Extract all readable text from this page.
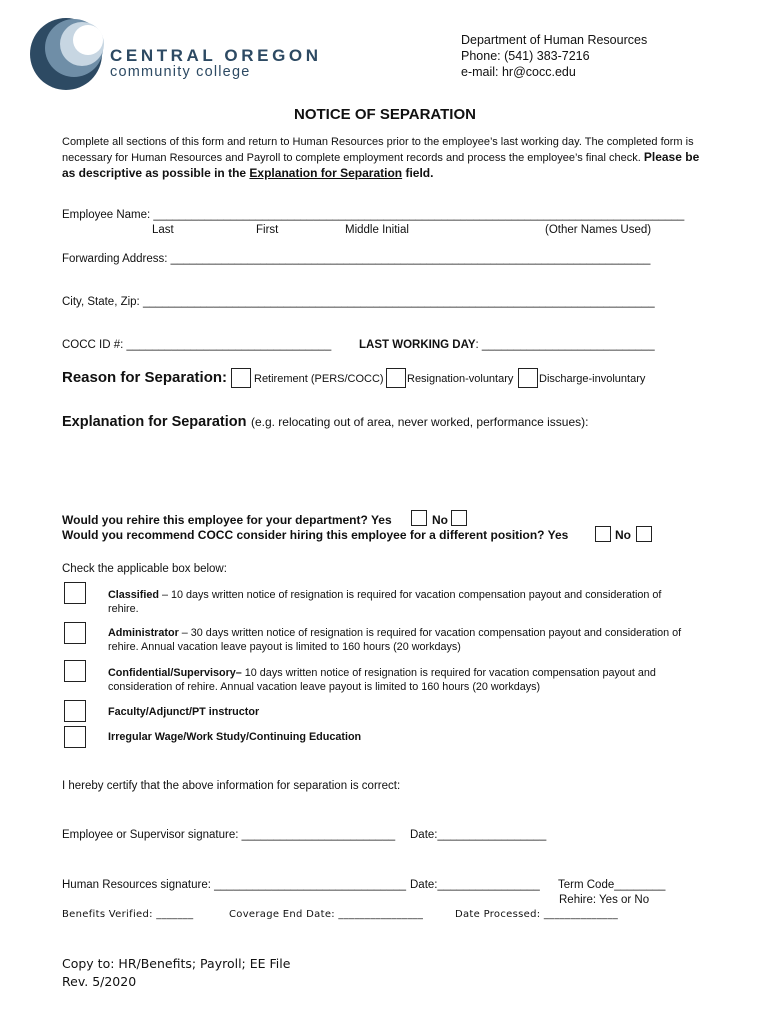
CENTRAL OREGON
community college
Department of Human Resources
Phone: (541) 383-7216
e-mail: hr@cocc.edu
NOTICE OF SEPARATION
Complete all sections of this form and return to Human Resources prior to the employee’s last working day. The completed form is necessary for Human Resources and Payroll to complete employment records and process the employee’s final check. Please be as descriptive as possible in the Explanation for Separation field.
Employee Name: ___________________________________________________________________________________
Last	First	Middle Initial	(Other Names Used)
Forwarding Address: ___________________________________________________________________________
City, State, Zip: ________________________________________________________________________________
COCC ID #: ________________________________ LAST WORKING DAY: ___________________________
Reason for Separation: Retirement (PERS/COCC) Resignation-voluntary Discharge-involuntary
Explanation for Separation (e.g. relocating out of area, never worked, performance issues):
Would you rehire this employee for your department? Yes	No
Would you recommend COCC consider hiring this employee for a different position? Yes	No
Check the applicable box below:
Classified – 10 days written notice of resignation is required for vacation compensation payout and consideration of rehire.
Administrator – 30 days written notice of resignation is required for vacation compensation payout and consideration of rehire. Annual vacation leave payout is limited to 160 hours (20 workdays)
Confidential/Supervisory– 10 days written notice of resignation is required for vacation compensation payout and consideration of rehire. Annual vacation leave payout is limited to 160 hours (20 workdays)
Faculty/Adjunct/PT instructor
Irregular Wage/Work Study/Continuing Education
I hereby certify that the above information for separation is correct:
Employee or Supervisor signature: ________________________ Date:_________________
Human Resources signature: ______________________________ Date:________________ Term Code________
Rehire: Yes or No
Benefits Verified: _______	Coverage End Date: ________________	Date Processed: ______________
Copy to: HR/Benefits; Payroll; EE File
Rev. 5/2020
